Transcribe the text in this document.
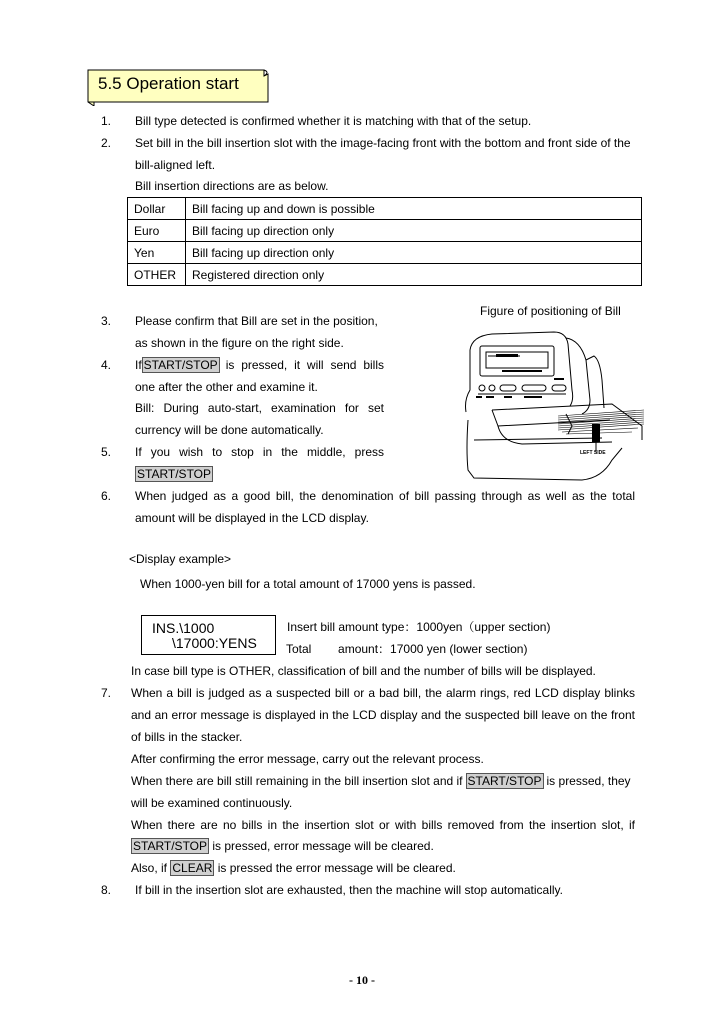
5.5 Operation start
1. Bill type detected is confirmed whether it is matching with that of the setup.
2. Set bill in the bill insertion slot with the image-facing front with the bottom and front side of the
bill-aligned left.
Bill insertion directions are as below.
Dollar	Bill facing up and down is possible
Euro	Bill facing up direction only
Yen	Bill facing up direction only
OTHER	Registered direction only
Figure of positioning of Bill
3. Please confirm that Bill are set in the position,
as shown in the figure on the right side.
4. If START/STOP is pressed, it will send bills
one after the other and examine it.
Bill: During auto-start, examination for set
currency will be done automatically.
5. If you wish to stop in the middle, press
START/STOP
LEFT SIDE
6. When judged as a good bill, the denomination of bill passing through as well as the total
amount will be displayed in the LCD display.
<Display example>
When 1000-yen bill for a total amount of 17000 yens is passed.
INS.\1000
\17000:YENS
Insert bill amount type：1000yen（upper section)
Total        amount：17000 yen (lower section)
In case bill type is OTHER, classification of bill and the number of bills will be displayed.
7. When a bill is judged as a suspected bill or a bad bill, the alarm rings, red LCD display blinks
and an error message is displayed in the LCD display and the suspected bill leave on the front
of bills in the stacker.
After confirming the error message, carry out the relevant process.
When there are bill still remaining in the bill insertion slot and if START/STOP is pressed, they
will be examined continuously.
When there are no bills in the insertion slot or with bills removed from the insertion slot, if
START/STOP is pressed, error message will be cleared.
Also, if CLEAR is pressed the error message will be cleared.
8. If bill in the insertion slot are exhausted, then the machine will stop automatically.
- 10 -
